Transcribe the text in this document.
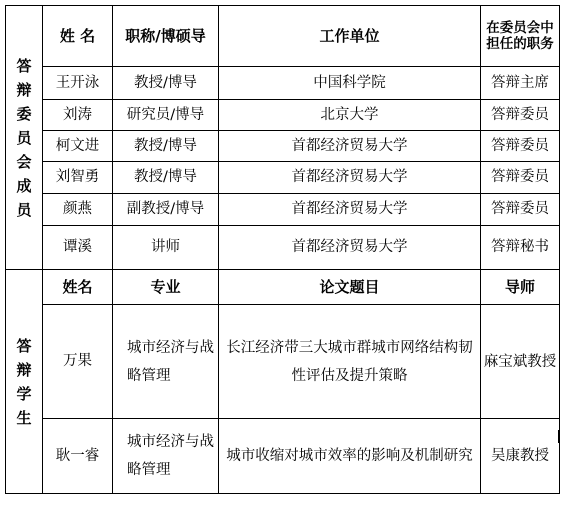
答辩委员会成员	姓 名	职称/博硕导	工作单位	在委员会中担任的职务
	王开泳	教授/博导	中国科学院	答辩主席
	刘涛	研究员/博导	北京大学	答辩委员
	柯文进	教授/博导	首都经济贸易大学	答辩委员
	刘智勇	教授/博导	首都经济贸易大学	答辩委员
	颜燕	副教授/博导	首都经济贸易大学	答辩委员
	谭溪	讲师	首都经济贸易大学	答辩秘书

答辩学生	姓名	专业	论文题目	导师
	万果	城市经济与战略管理	长江经济带三大城市群城市网络结构韧性评估及提升策略	麻宝斌教授
	耿一睿	城市经济与战略管理	城市收缩对城市效率的影响及机制研究	吴康教授
